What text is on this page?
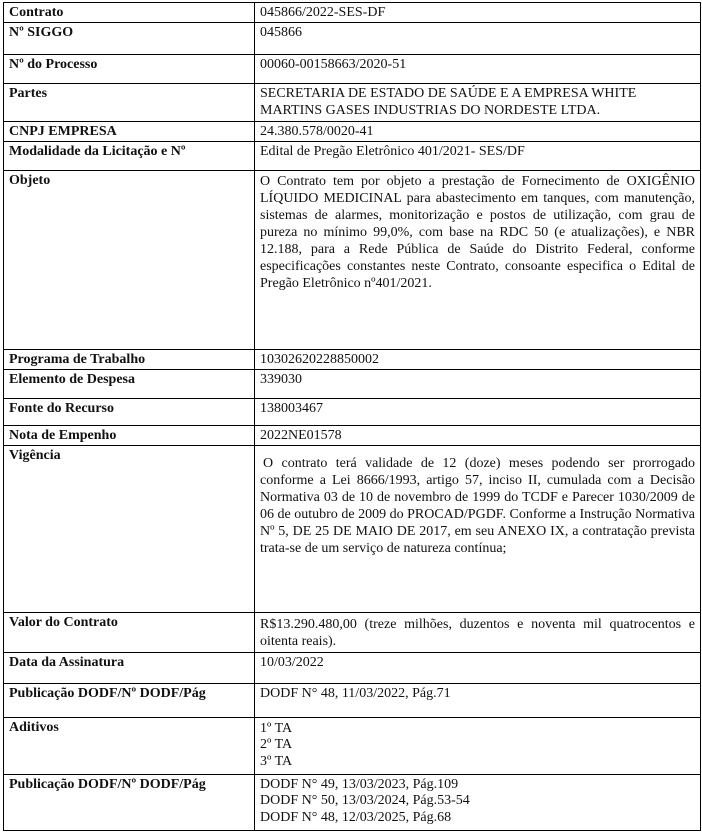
Contrato	045866/2022-SES-DF
Nº SIGGO	045866
Nº do Processo	00060-00158663/2020-51
Partes	SECRETARIA DE ESTADO DE SAÚDE E A EMPRESA WHITE MARTINS GASES INDUSTRIAS DO NORDESTE LTDA.
CNPJ EMPRESA	24.380.578/0020-41
Modalidade da Licitação e Nº	Edital de Pregão Eletrônico 401/2021- SES/DF
Objeto	O Contrato tem por objeto a prestação de Fornecimento de OXIGÊNIO LÍQUIDO MEDICINAL para abastecimento em tanques, com manutenção, sistemas de alarmes, monitorização e postos de utilização, com grau de pureza no mínimo 99,0%, com base na RDC 50 (e atualizações), e NBR 12.188, para a Rede Pública de Saúde do Distrito Federal, conforme especificações constantes neste Contrato, consoante especifica o Edital de Pregão Eletrônico nº401/2021.
Programa de Trabalho	10302620228850002
Elemento de Despesa	339030
Fonte do Recurso	138003467
Nota de Empenho	2022NE01578
Vigência	O contrato terá validade de 12 (doze) meses podendo ser prorrogado conforme a Lei 8666/1993, artigo 57, inciso II, cumulada com a Decisão Normativa 03 de 10 de novembro de 1999 do TCDF e Parecer 1030/2009 de 06 de outubro de 2009 do PROCAD/PGDF. Conforme a Instrução Normativa Nº 5, DE 25 DE MAIO DE 2017, em seu ANEXO IX, a contratação prevista trata-se de um serviço de natureza contínua;
Valor do Contrato	R$13.290.480,00 (treze milhões, duzentos e noventa mil quatrocentos e oitenta reais).
Data da Assinatura	10/03/2022
Publicação DODF/Nº DODF/Pág	DODF N° 48, 11/03/2022, Pág.71
Aditivos	1º TA
2º TA
3º TA

Publicação DODF/Nº DODF/Pág	DODF N° 49, 13/03/2023, Pág.109
DODF N° 50, 13/03/2024, Pág.53-54
DODF N° 48, 12/03/2025, Pág.68
